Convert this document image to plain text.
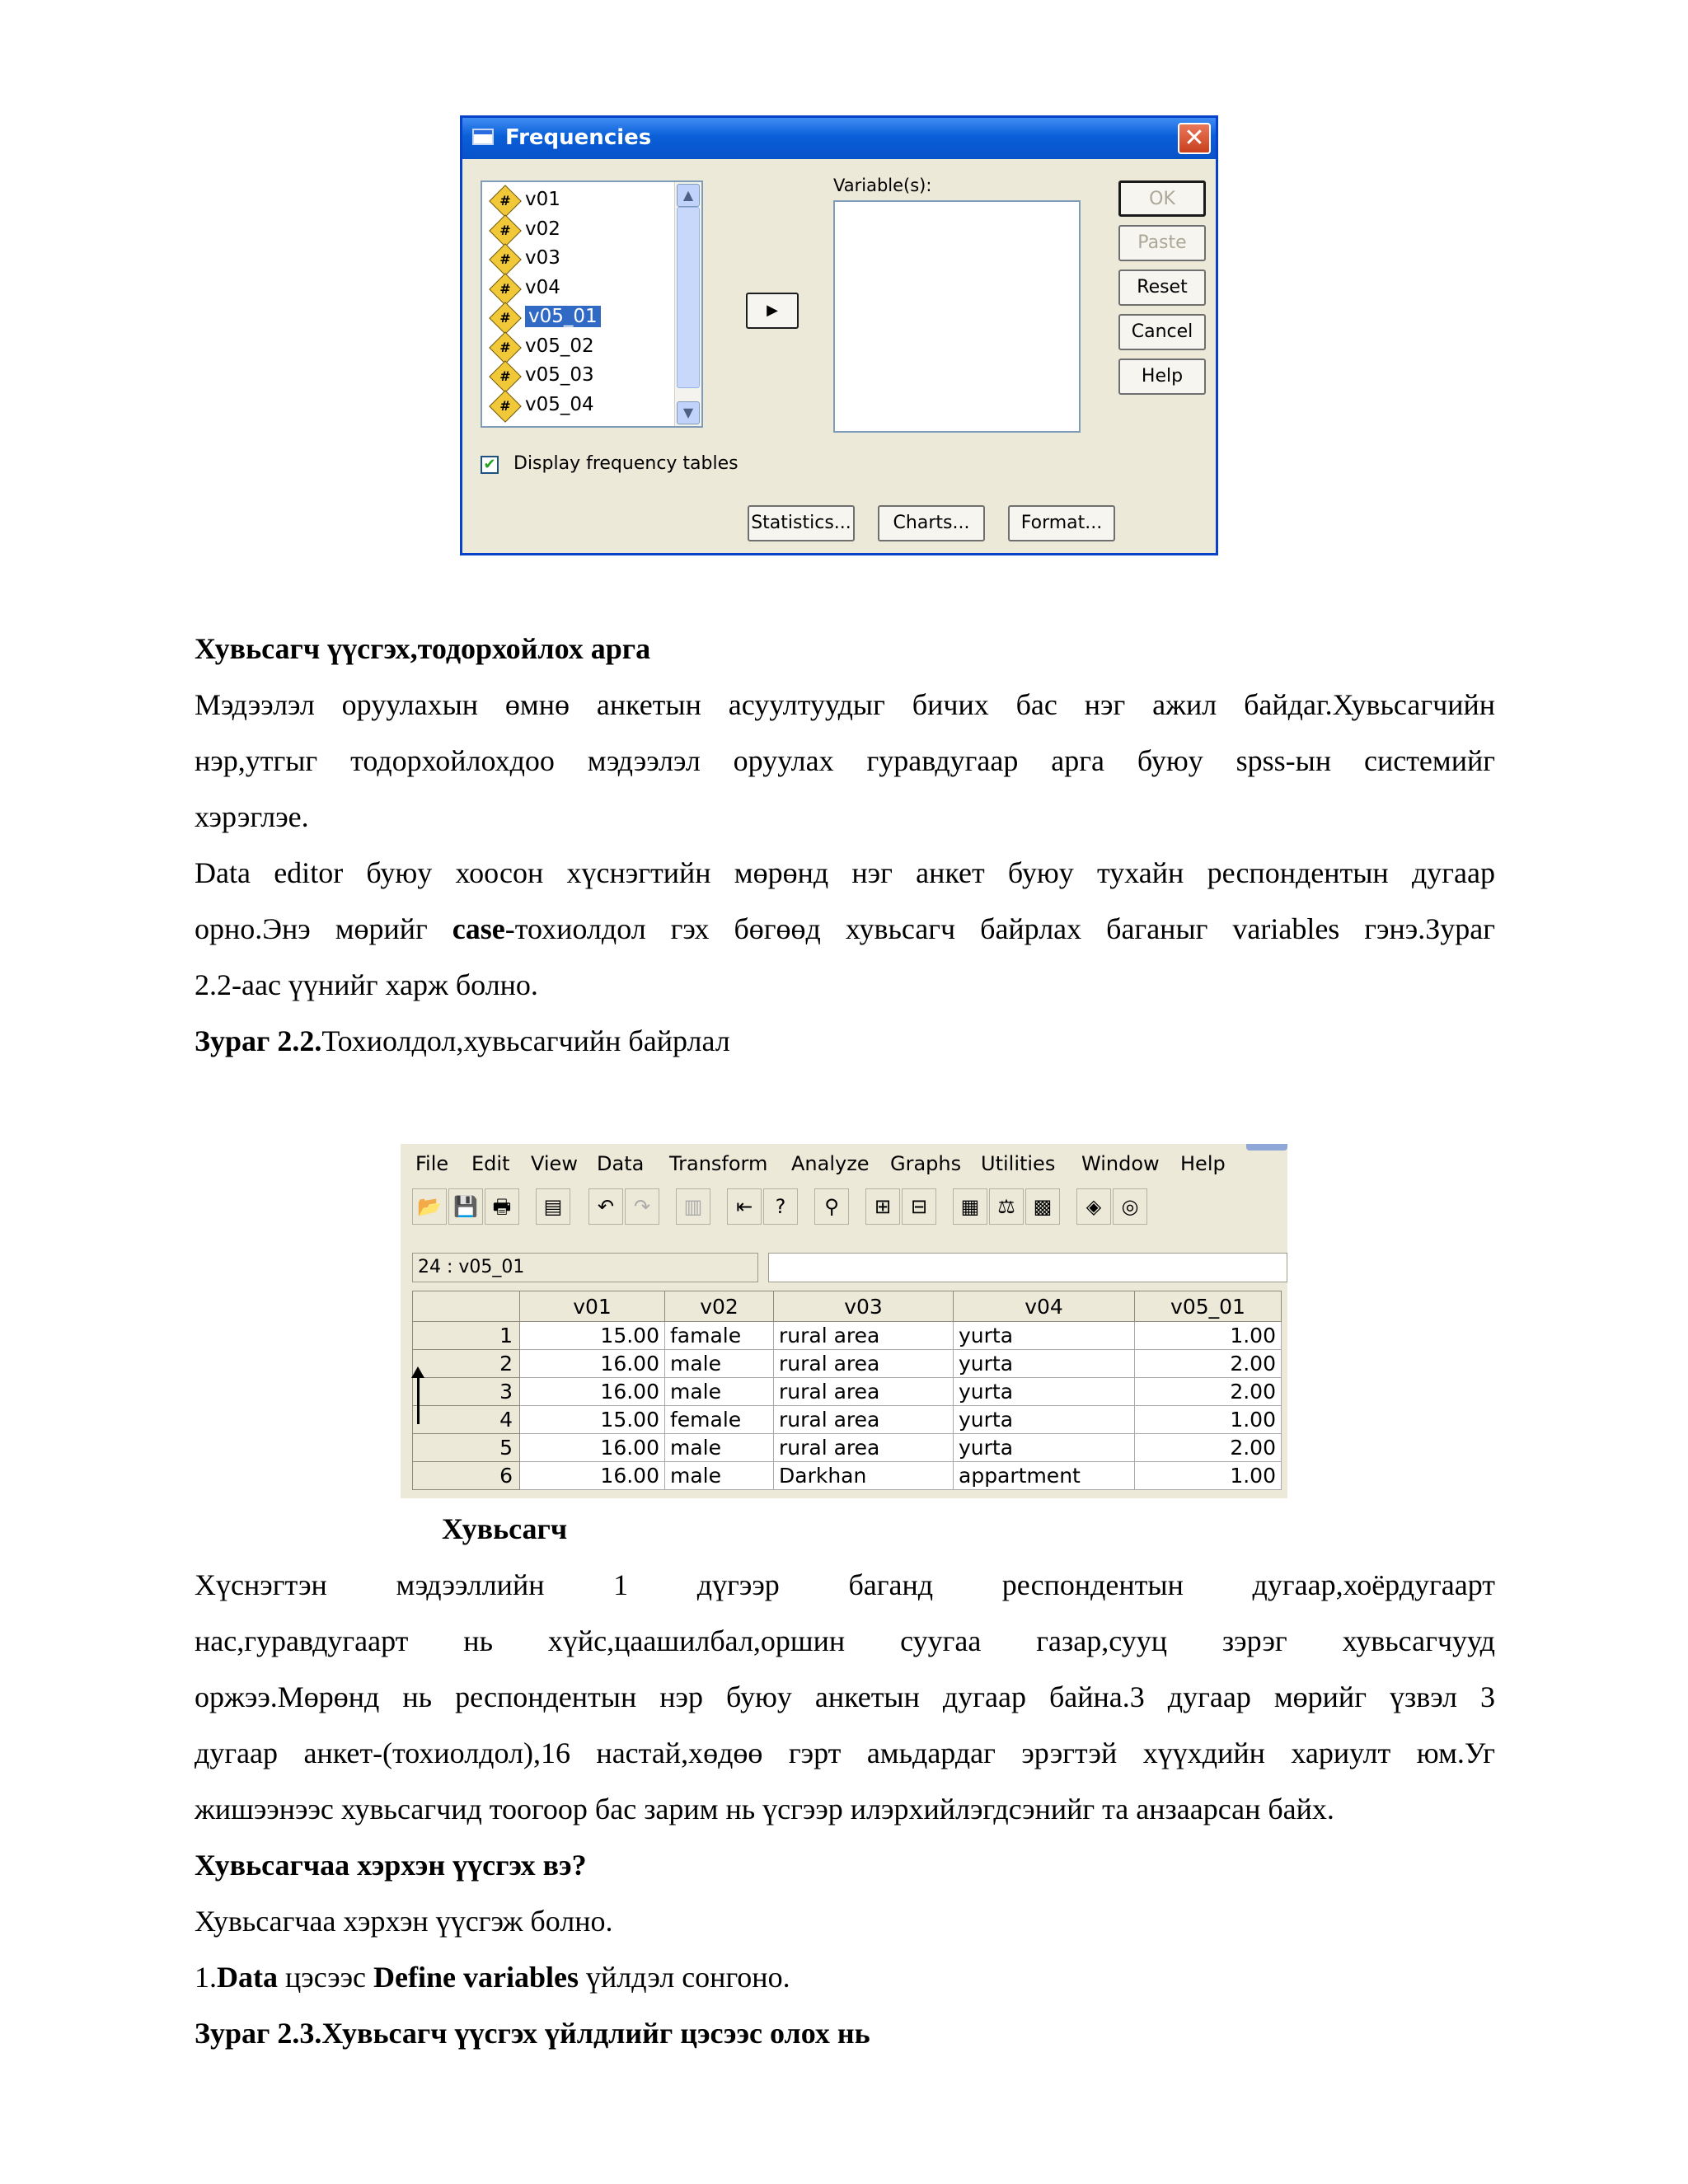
Frequencies	✕
# v01
# v02
# v03
# v04
# v05_01
# v05_02
# v05_03
# v05_04
▲
▼
▶
Variable(s):
OK
Paste
Reset
Cancel
Help
✔ Display frequency tables
Statistics...	Charts...	Format...
Хувьсагч үүсгэх,тодорхойлох арга
Мэдээлэл оруулахын өмнө анкетын асуултуудыг бичих бас нэг ажил байдаг.Хувьсагчийн
нэр,утгыг тодорхойлохдоо мэдээлэл оруулах гуравдугаар арга буюу spss-ын системийг
хэрэглэе.
Data editor буюу хоосон хүснэгтийн мөрөнд нэг анкет буюу тухайн респондентын дугаар
орно.Энэ мөрийг case-тохиолдол гэх бөгөөд хувьсагч байрлах баганыг variables гэнэ.Зураг
2.2-аас үүнийг харж болно.
Зураг 2.2.Тохиолдол,хувьсагчийн байрлал
File Edit View Data Transform Analyze Graphs Utilities Window Help
📂 💾 🖶	▤	↶ ↷	▥	⇤	?	⚲	⊞ ⊟	▦ ⚖ ▩	◈	◎
24 : v05_01
	v01	v02	v03	v04	v05_01
1	15.00	famale	rural area	yurta	1.00
2	16.00	male	rural area	yurta	2.00
3	16.00	male	rural area	yurta	2.00
4	15.00	female	rural area	yurta	1.00
5	16.00	male	rural area	yurta	2.00
6	16.00	male	Darkhan	appartment	1.00
Хувьсагч
Хүснэгтэн мэдээллийн 1 дүгээр баганд респондентын дугаар,хоёрдугаарт
нас,гуравдугаарт нь хүйс,цаашилбал,оршин суугаа газар,сууц зэрэг хувьсагчууд
оржээ.Мөрөнд нь респондентын нэр буюу анкетын дугаар байна.3 дугаар мөрийг үзвэл 3
дугаар анкет-(тохиолдол),16 настай,хөдөө гэрт амьдардаг эрэгтэй хүүхдийн хариулт юм.Уг
жишээнээс хувьсагчид тоогоор бас зарим нь үсгээр илэрхийлэгдсэнийг та анзаарсан байх.
Хувьсагчаа хэрхэн үүсгэх вэ?
Хувьсагчаа хэрхэн үүсгэж болно.
1.Data цэсээс Define variables үйлдэл сонгоно.
Зураг 2.3.Хувьсагч үүсгэх үйлдлийг цэсээс олох нь
